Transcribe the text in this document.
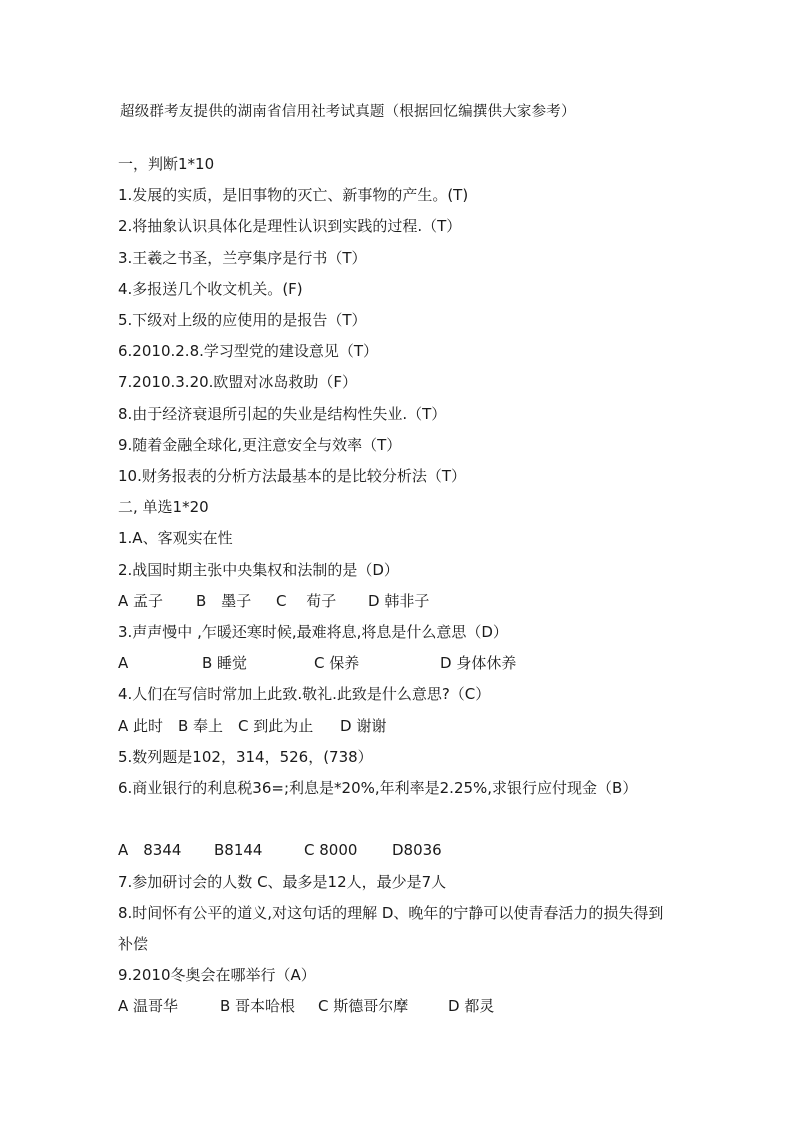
超级群考友提供的湖南省信用社考试真题（根据回忆编撰供大家参考）
一，判断1*10
1.发展的实质，是旧事物的灭亡、新事物的产生。(T)
2.将抽象认识具体化是理性认识到实践的过程.（T）
3.王羲之书圣，兰亭集序是行书（T）
4.多报送几个收文机关。(F)
5.下级对上级的应使用的是报告（T）
6.2010.2.8.学习型党的建设意见（T）
7.2010.3.20.欧盟对冰岛救助（F）
8.由于经济衰退所引起的失业是结构性失业.（T）
9.随着金融全球化,更注意安全与效率（T）
10.财务报表的分析方法最基本的是比较分析法（T）
二, 单选1*20
1.A、客观实在性
2.战国时期主张中央集权和法制的是（D）
A 孟子	B　墨子	C　 荀子	D 韩非子
3.声声慢中 ,乍暖还寒时候,最难将息,将息是什么意思（D）
A	B 睡觉	C 保养	D 身体休养
4.人们在写信时常加上此致.敬礼.此致是什么意思?（C）
A 此时 B 奉上 C 到此为止	D 谢谢
5.数列题是102，314，526，(738）
6.商业银行的利息税36=;利息是*20%,年利率是2.25%,求银行应付现金（B）
A　8344	B8144	C 8000	D8036
7.参加研讨会的人数 C、最多是12人，最少是7人
8.时间怀有公平的道义,对这句话的理解 D、晚年的宁静可以使青春活力的损失得到补偿
9.2010冬奥会在哪举行（A）
A 温哥华	B 哥本哈根	C 斯德哥尔摩	D 都灵
